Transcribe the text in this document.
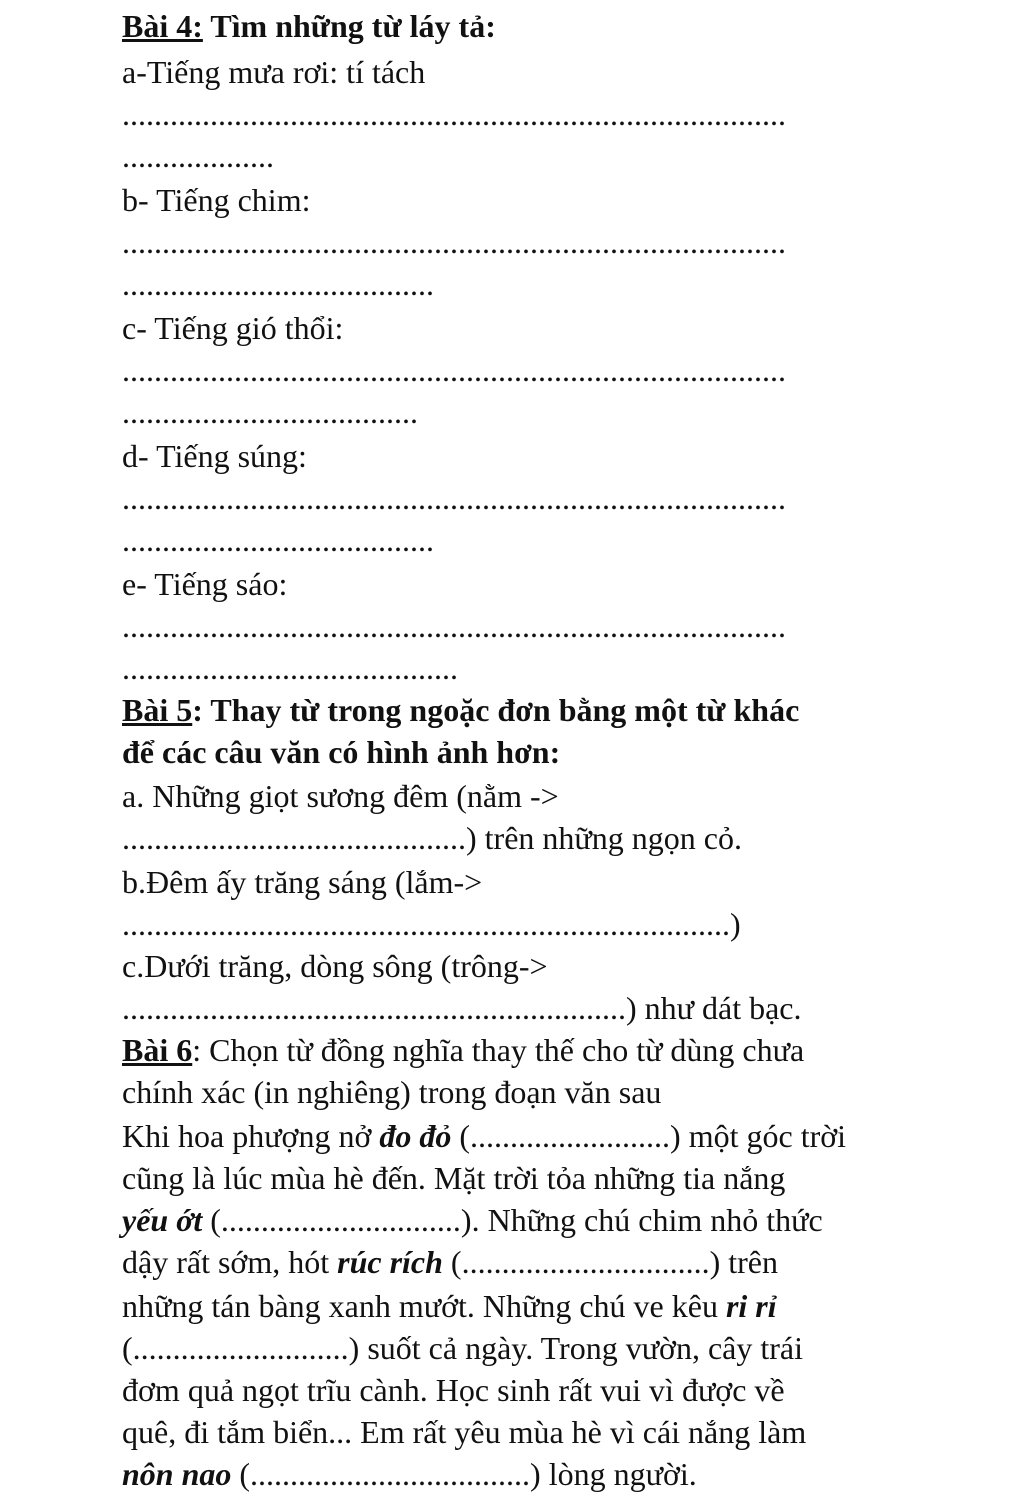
Bài 4: Tìm những từ láy tả:
a-Tiếng mưa rơi: tí tách
...................................................................................
...................
b- Tiếng chim:
...................................................................................
.......................................
c- Tiếng gió thổi:
...................................................................................
.....................................
d- Tiếng súng:
...................................................................................
.......................................
e- Tiếng sáo:
...................................................................................
..........................................
Bài 5: Thay từ trong ngoặc đơn bằng một từ khác
để các câu văn có hình ảnh hơn:
a. Những giọt sương đêm (nằm ->
...........................................) trên những ngọn cỏ.
b.Đêm ấy trăng sáng (lắm->
............................................................................)
c.Dưới trăng, dòng sông (trông->
...............................................................) như dát bạc.
Bài 6: Chọn từ đồng nghĩa thay thế cho từ dùng chưa
chính xác (in nghiêng) trong đoạn văn sau
Khi hoa phượng nở đo đỏ (.........................) một góc trời
cũng là lúc mùa hè đến. Mặt trời tỏa những tia nắng
yếu ớt (..............................). Những chú chim nhỏ thức
dậy rất sớm, hót rúc rích (...............................) trên
những tán bàng xanh mướt. Những chú ve kêu ri rỉ
(...........................) suốt cả ngày. Trong vườn, cây trái
đơm quả ngọt trĩu cành. Học sinh rất vui vì được về
quê, đi tắm biển... Em rất yêu mùa hè vì cái nắng làm
nôn nao (...................................) lòng người.
